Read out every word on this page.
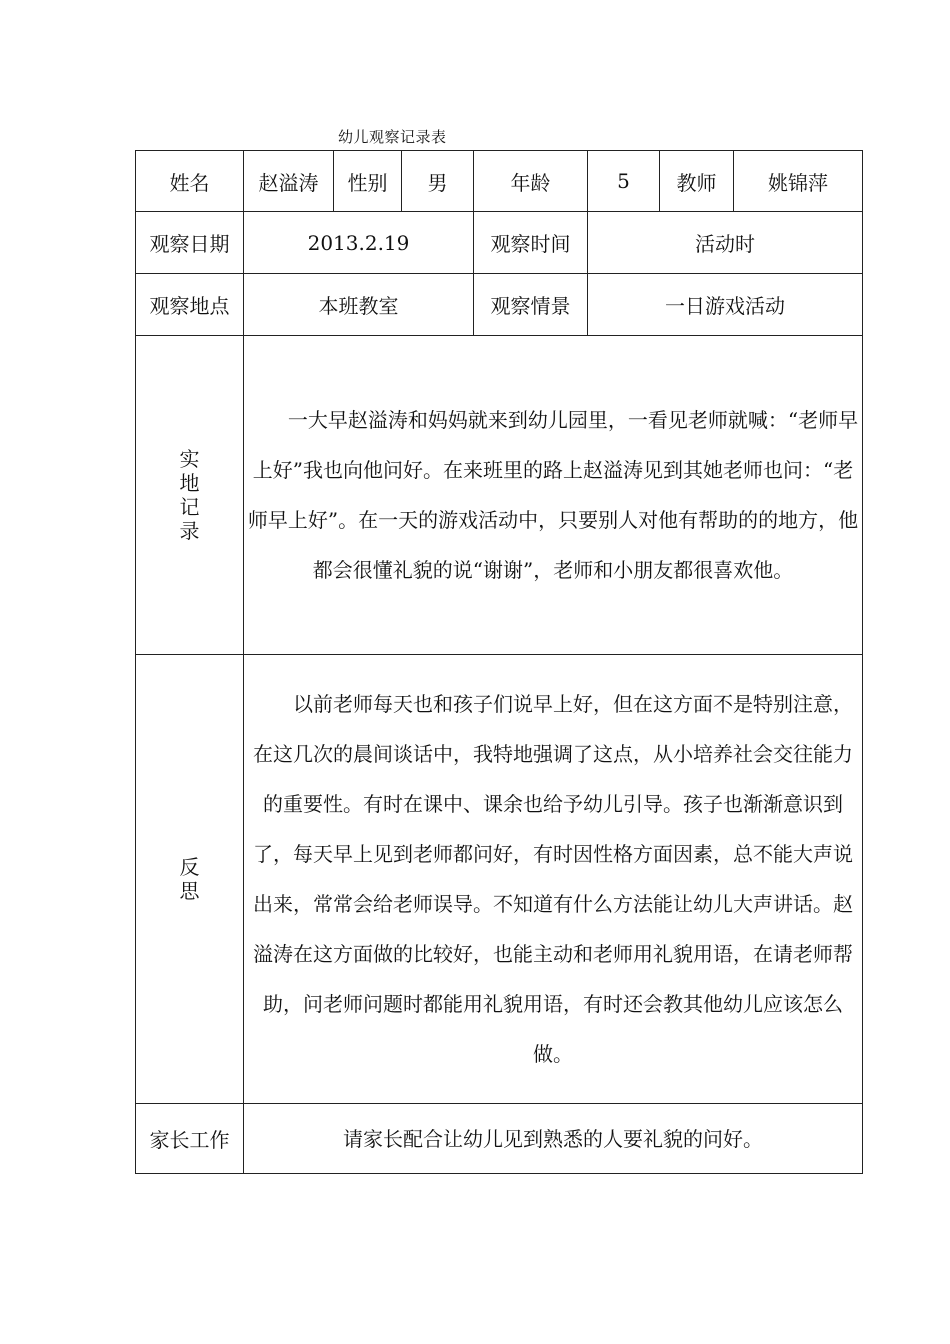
幼儿观察记录表
姓名	赵溢涛	性别	男	年龄	5	教师	姚锦萍
观察日期	2013.2.19			观察时间	活动时		
观察地点	本班教室			观察情景	一日游戏活动		

实
地
记
录	一大早赵溢涛和妈妈就来到幼儿园里，一看见老师就喊：“老师早上好”我也向他问好。在来班里的路上赵溢涛见到其她老师也问：“老师早上好”。在一天的游戏活动中，只要别人对他有帮助的的地方，他都会很懂礼貌的说“谢谢”，老师和小朋友都很喜欢他。						

反
思	以前老师每天也和孩子们说早上好，但在这方面不是特别注意，在这几次的晨间谈话中，我特地强调了这点，从小培养社会交往能力的重要性。有时在课中、课余也给予幼儿引导。孩子也渐渐意识到了，每天早上见到老师都问好，有时因性格方面因素，总不能大声说出来，常常会给老师误导。不知道有什么方法能让幼儿大声讲话。赵溢涛在这方面做的比较好，也能主动和老师用礼貌用语，在请老师帮助，问老师问题时都能用礼貌用语，有时还会教其他幼儿应该怎么做。						

家长工作	请家长配合让幼儿见到熟悉的人要礼貌的问好。						
